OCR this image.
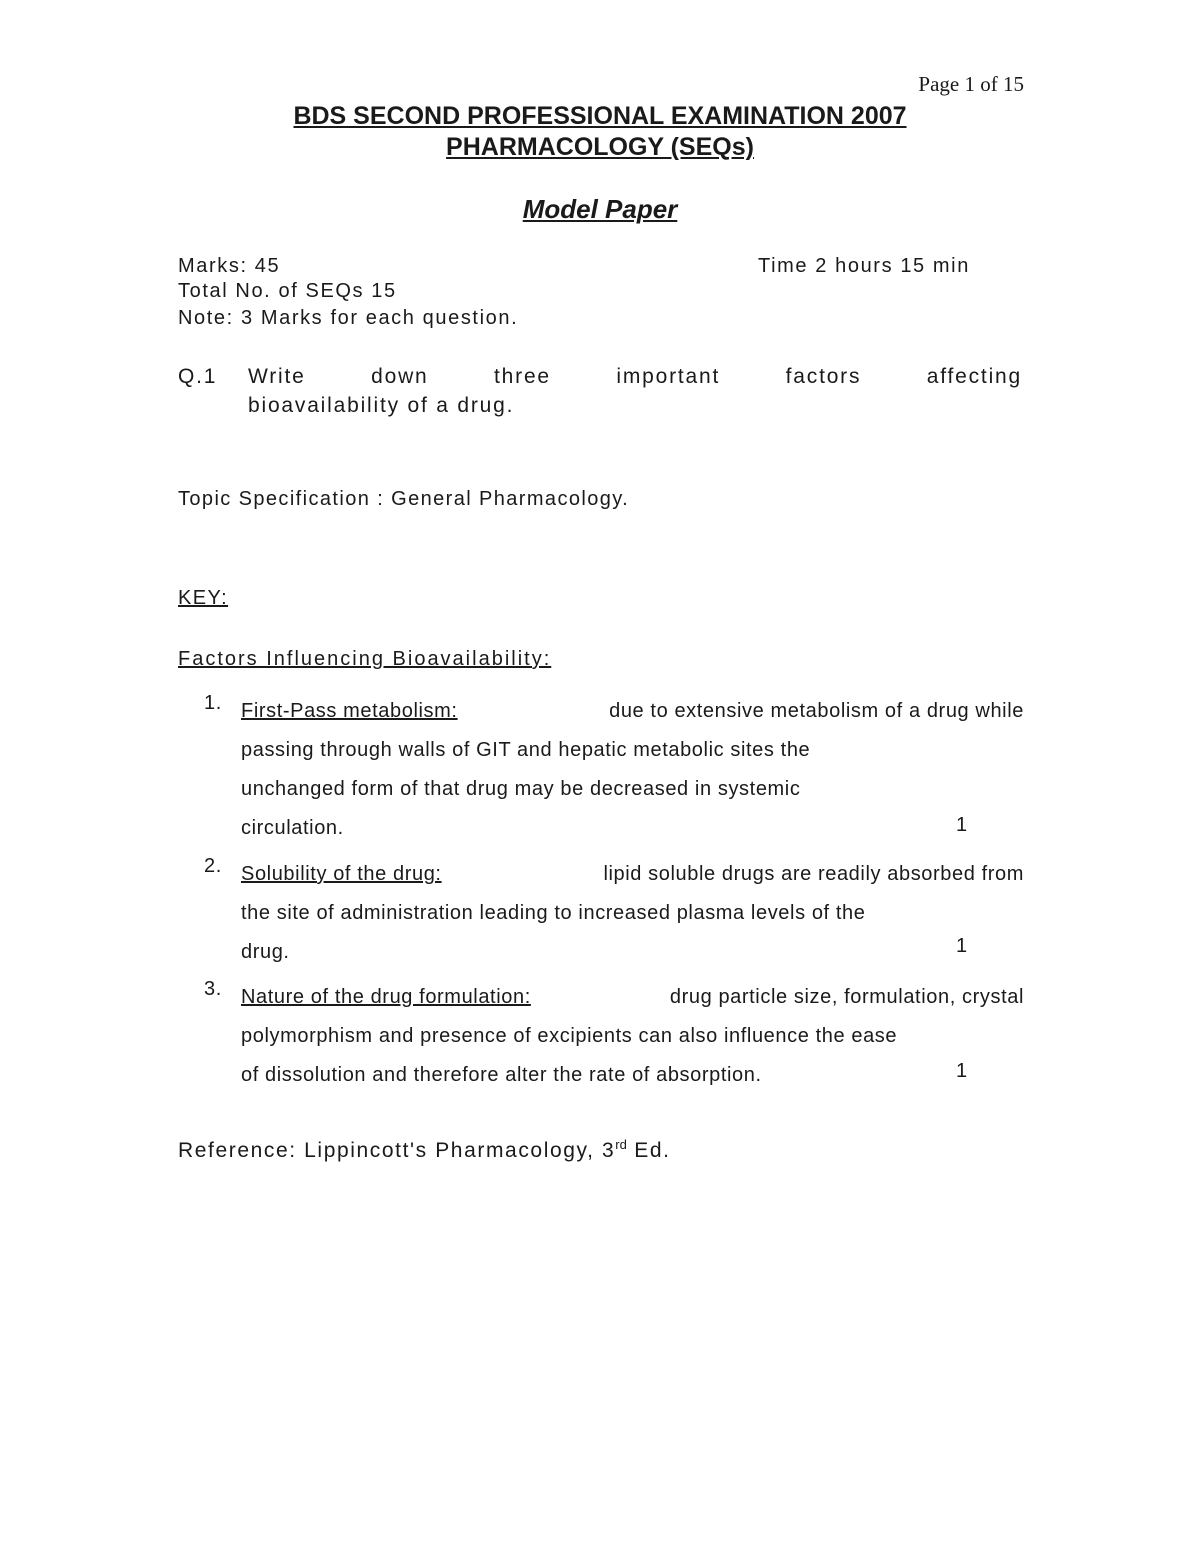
Page 1 of 15
BDS SECOND PROFESSIONAL EXAMINATION 2007
PHARMACOLOGY (SEQs)
Model Paper
Marks: 45	Time 2 hours 15 min
Total No. of SEQs 15
Note: 3 Marks for each question.
Q.1 Write	down	three	important	factors	affecting
bioavailability of a drug.
Topic Specification : General Pharmacology.
KEY:
Factors Influencing Bioavailability:
1. First-Pass metabolism:	due to extensive metabolism of a drug while
passing through walls of GIT and hepatic metabolic sites the
unchanged form of that drug may be decreased in systemic
circulation.	1
2. Solubility of the drug:	lipid soluble drugs are readily absorbed from
the site of administration leading to increased plasma levels of the
drug.	1
3. Nature of the drug formulation:	drug particle size, formulation, crystal
polymorphism and presence of excipients can also influence the ease
of dissolution and therefore alter the rate of absorption.	1
Reference: Lippincott's Pharmacology, 3rd Ed.
